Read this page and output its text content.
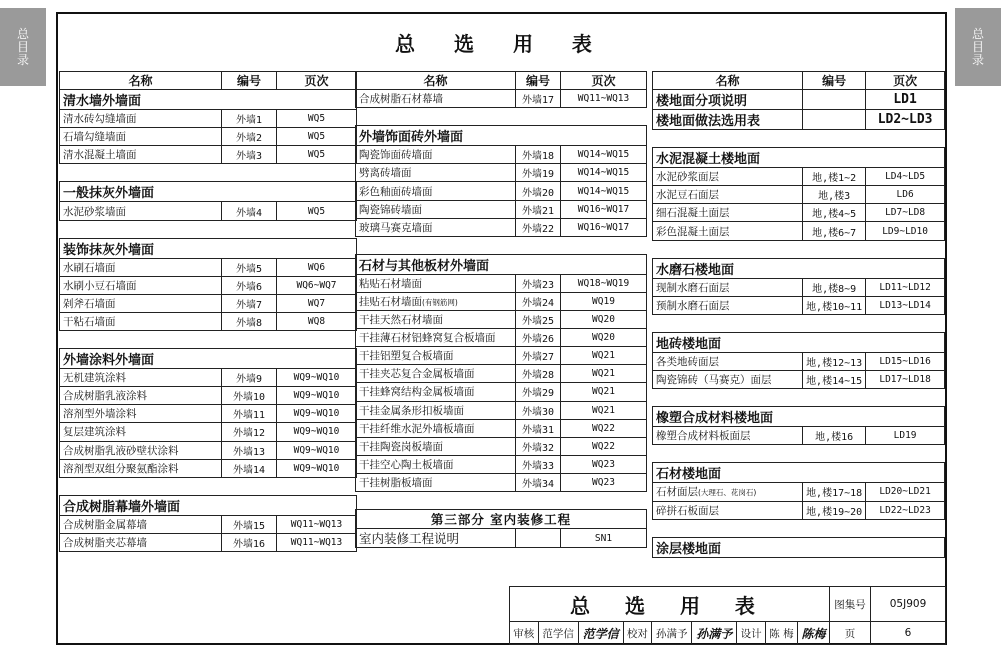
总目录
总目录
总 选 用 表
名称	编号	页次
清水墙外墙面		
清水砖勾缝墙面	外墙1	WQ5
石墙勾缝墙面	外墙2	WQ5
清水混凝土墙面	外墙3	WQ5

一般抹灰外墙面		
水泥砂浆墙面	外墙4	WQ5

装饰抹灰外墙面		
水刷石墙面	外墙5	WQ6
水刷小豆石墙面	外墙6	WQ6~WQ7
剁斧石墙面	外墙7	WQ7
干粘石墙面	外墙8	WQ8

外墙涂料外墙面		
无机建筑涂料	外墙9	WQ9~WQ10
合成树脂乳液涂料	外墙10	WQ9~WQ10
溶剂型外墙涂料	外墙11	WQ9~WQ10
复层建筑涂料	外墙12	WQ9~WQ10
合成树脂乳液砂壁状涂料	外墙13	WQ9~WQ10
溶剂型双组分聚氨酯涂料	外墙14	WQ9~WQ10

合成树脂幕墙外墙面		
合成树脂金属幕墙	外墙15	WQ11~WQ13
合成树脂夹芯幕墙	外墙16	WQ11~WQ13
名称	编号	页次
合成树脂石材幕墙	外墙17	WQ11~WQ13

外墙饰面砖外墙面		
陶瓷饰面砖墙面	外墙18	WQ14~WQ15
劈离砖墙面	外墙19	WQ14~WQ15
彩色釉面砖墙面	外墙20	WQ14~WQ15
陶瓷锦砖墙面	外墙21	WQ16~WQ17
玻璃马赛克墙面	外墙22	WQ16~WQ17

石材与其他板材外墙面		
粘贴石材墙面	外墙23	WQ18~WQ19
挂贴石材墙面(有钢筋网)	外墙24	WQ19
干挂天然石材墙面	外墙25	WQ20
干挂薄石材铝蜂窝复合板墙面	外墙26	WQ20
干挂铝塑复合板墙面	外墙27	WQ21
干挂夹芯复合金属板墙面	外墙28	WQ21
干挂蜂窝结构金属板墙面	外墙29	WQ21
干挂金属条形扣板墙面	外墙30	WQ21
干挂纤维水泥外墙板墙面	外墙31	WQ22
干挂陶瓷岗板墙面	外墙32	WQ22
干挂空心陶土板墙面	外墙33	WQ23
干挂树脂板墙面	外墙34	WQ23

第三部分 室内装修工程		
室内装修工程说明		SN1
名称	编号	页次
楼地面分项说明		LD1
楼地面做法选用表		LD2~LD3

水泥混凝土楼地面		
水泥砂浆面层	地,楼1~2	LD4~LD5
水泥豆石面层	地,楼3	LD6
细石混凝土面层	地,楼4~5	LD7~LD8
彩色混凝土面层	地,楼6~7	LD9~LD10

水磨石楼地面		
现制水磨石面层	地,楼8~9	LD11~LD12
预制水磨石面层	地,楼10~11	LD13~LD14

地砖楼地面		
各类地砖面层	地,楼12~13	LD15~LD16
陶瓷锦砖（马赛克）面层	地,楼14~15	LD17~LD18

橡塑合成材料楼地面		
橡塑合成材料板面层	地,楼16	LD19

石材楼地面		
石材面层(大理石、花岗石)	地,楼17~18	LD20~LD21
碎拼石板面层	地,楼19~20	LD22~LD23

涂层楼地面		
总 选 用 表									图集号	05J909
审核	范学信	范学信	校对	孙满予	孙满予	设计	陈 梅	陈梅	页	6
